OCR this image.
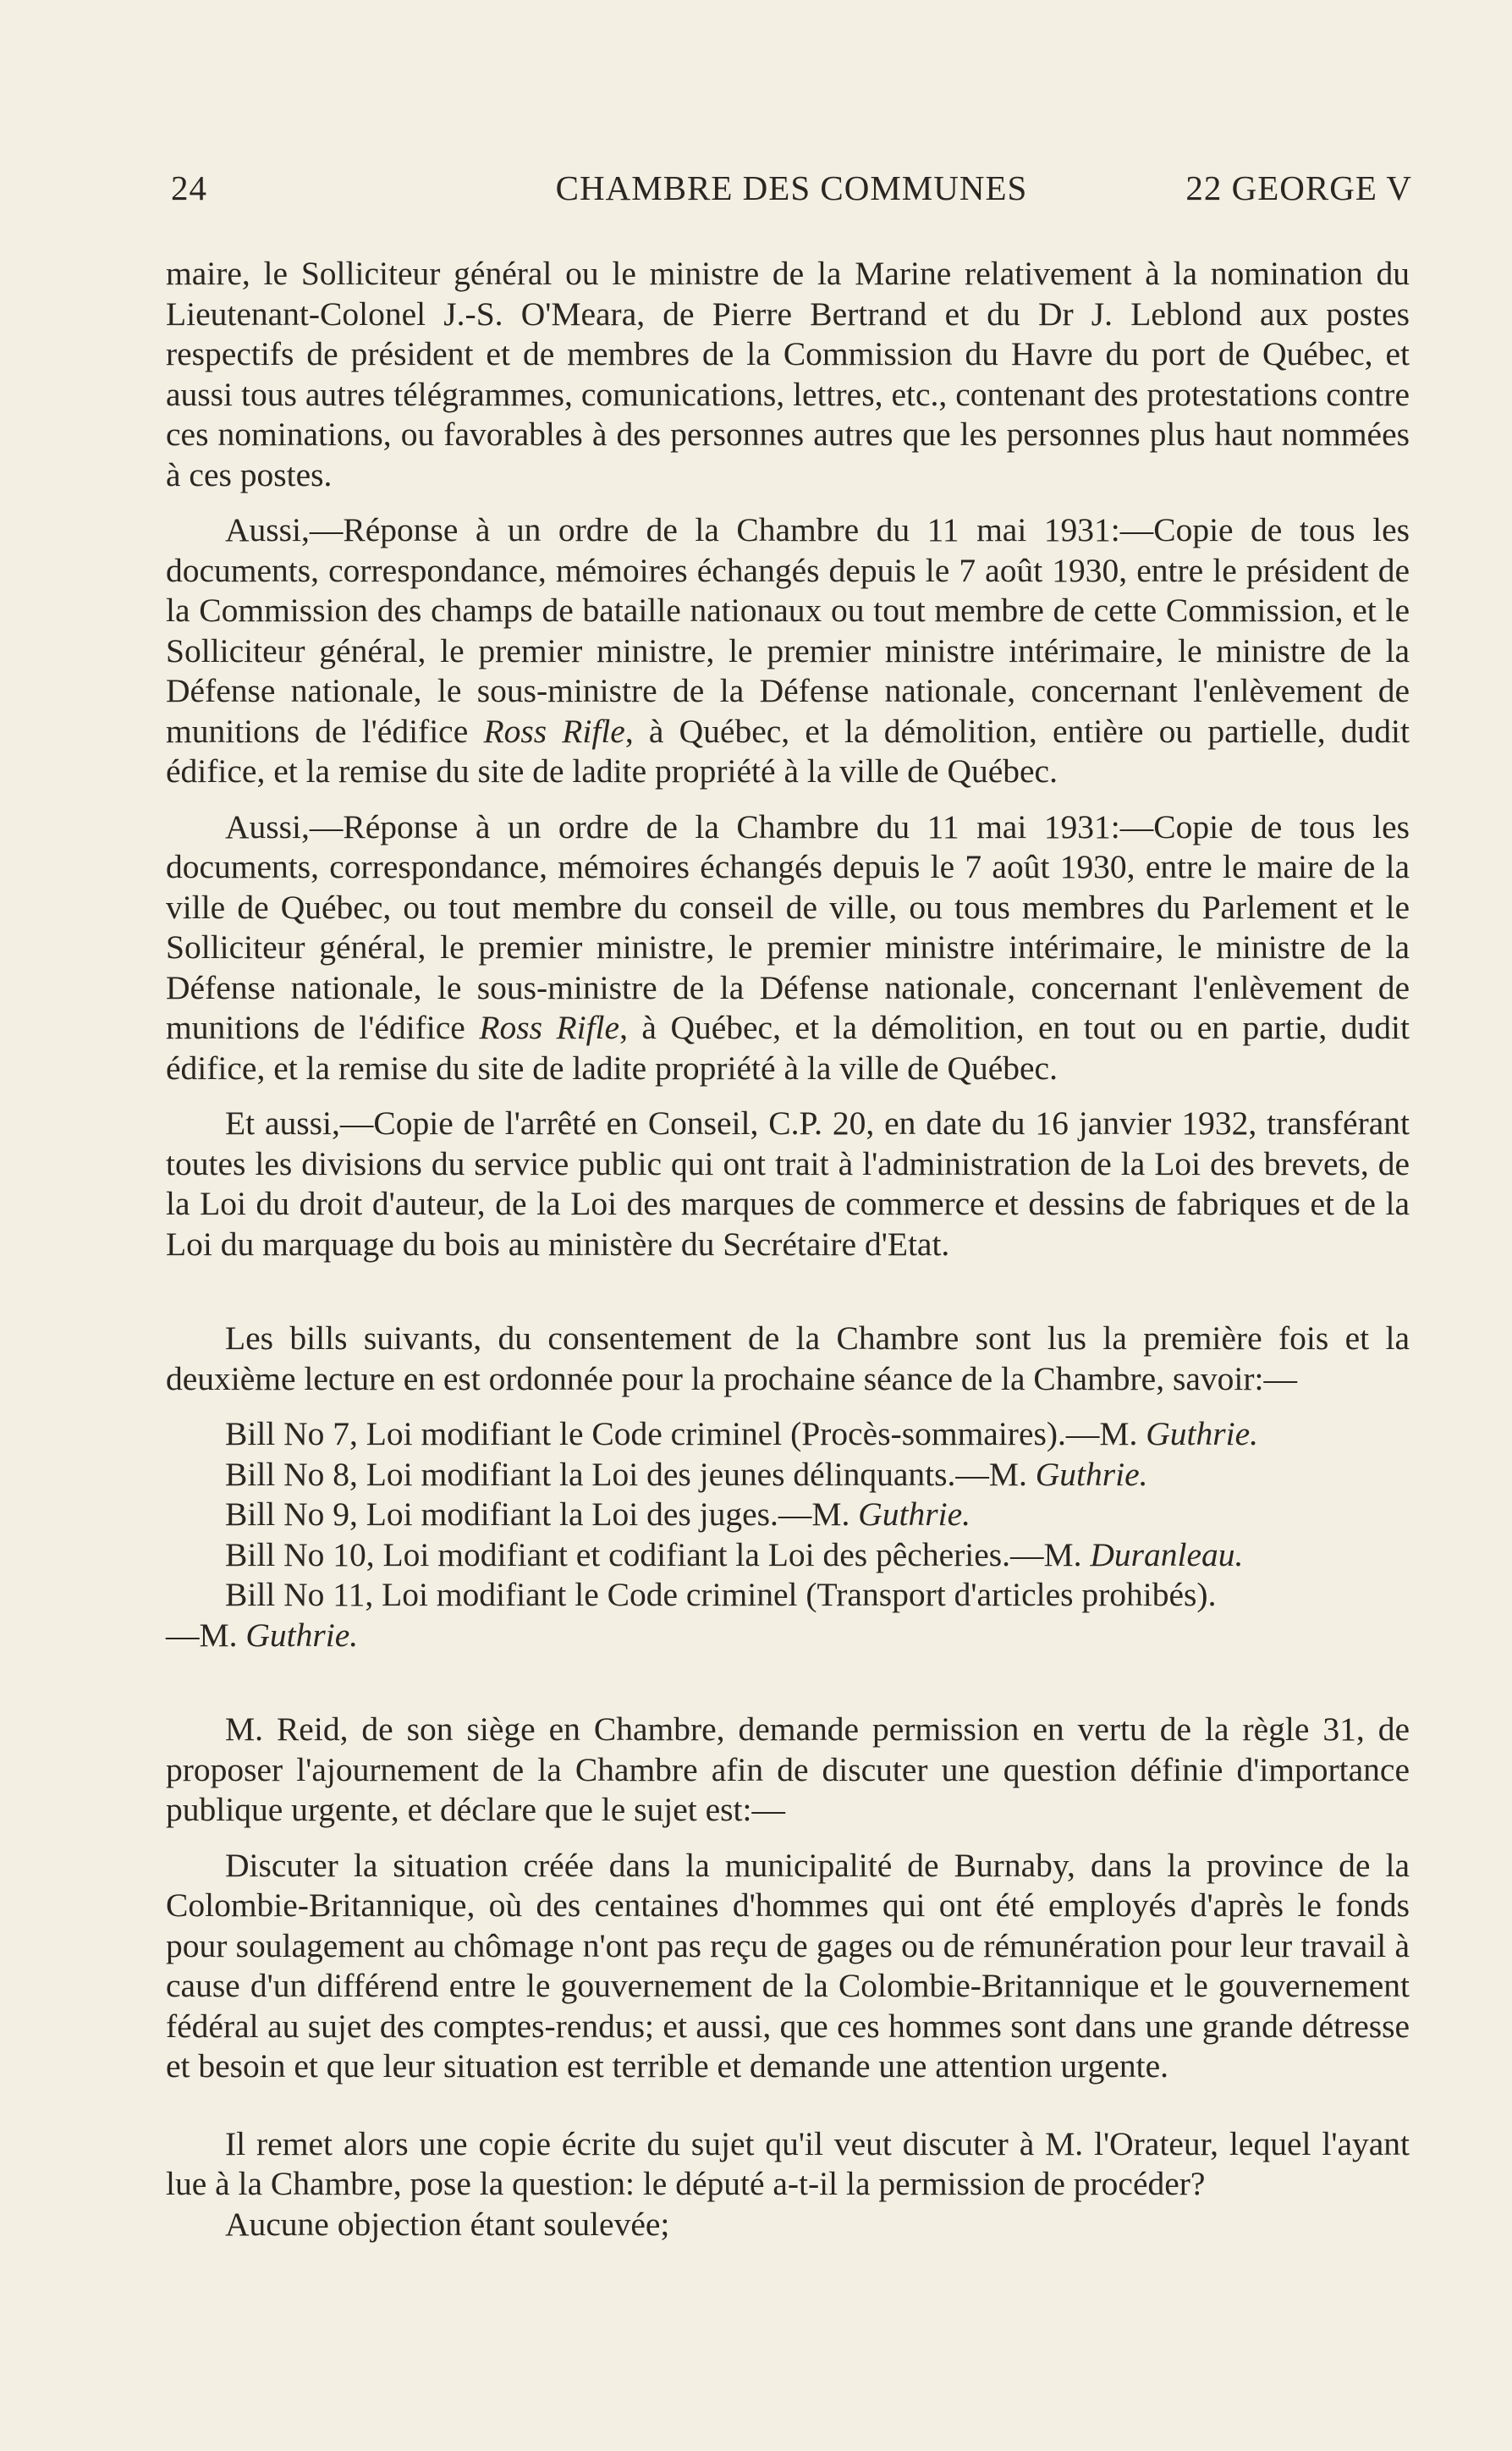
24	CHAMBRE DES COMMUNES	22 GEORGE V

maire, le Solliciteur général ou le ministre de la Marine relativement à la nomination du Lieutenant-Colonel J.-S. O'Meara, de Pierre Bertrand et du Dr J. Leblond aux postes respectifs de président et de membres de la Commission du Havre du port de Québec, et aussi tous autres télégrammes, comunications, lettres, etc., contenant des protestations contre ces nominations, ou favorables à des personnes autres que les personnes plus haut nommées à ces postes.

Aussi,—Réponse à un ordre de la Chambre du 11 mai 1931:—Copie de tous les documents, correspondance, mémoires échangés depuis le 7 août 1930, entre le président de la Commission des champs de bataille nationaux ou tout membre de cette Commission, et le Solliciteur général, le premier ministre, le premier ministre intérimaire, le ministre de la Défense nationale, le sous-ministre de la Défense nationale, concernant l'enlèvement de munitions de l'édifice Ross Rifle, à Québec, et la démolition, entière ou partielle, dudit édifice, et la remise du site de ladite propriété à la ville de Québec.

Aussi,—Réponse à un ordre de la Chambre du 11 mai 1931:—Copie de tous les documents, correspondance, mémoires échangés depuis le 7 août 1930, entre le maire de la ville de Québec, ou tout membre du conseil de ville, ou tous membres du Parlement et le Solliciteur général, le premier ministre, le premier ministre intérimaire, le ministre de la Défense nationale, le sous-ministre de la Défense nationale, concernant l'enlèvement de munitions de l'édifice Ross Rifle, à Québec, et la démolition, en tout ou en partie, dudit édifice, et la remise du site de ladite propriété à la ville de Québec.

Et aussi,—Copie de l'arrêté en Conseil, C.P. 20, en date du 16 janvier 1932, transférant toutes les divisions du service public qui ont trait à l'administration de la Loi des brevets, de la Loi du droit d'auteur, de la Loi des marques de commerce et dessins de fabriques et de la Loi du marquage du bois au ministère du Secrétaire d'Etat.

Les bills suivants, du consentement de la Chambre sont lus la première fois et la deuxième lecture en est ordonnée pour la prochaine séance de la Chambre, savoir:—

Bill No 7, Loi modifiant le Code criminel (Procès-sommaires).—M. Guthrie.

Bill No 8, Loi modifiant la Loi des jeunes délinquants.—M. Guthrie.

Bill No 9, Loi modifiant la Loi des juges.—M. Guthrie.

Bill No 10, Loi modifiant et codifiant la Loi des pêcheries.—M. Duranleau.

Bill No 11, Loi modifiant le Code criminel (Transport d'articles prohibés).
—M. Guthrie.

M. Reid, de son siège en Chambre, demande permission en vertu de la règle 31, de proposer l'ajournement de la Chambre afin de discuter une question définie d'importance publique urgente, et déclare que le sujet est:—

Discuter la situation créée dans la municipalité de Burnaby, dans la province de la Colombie-Britannique, où des centaines d'hommes qui ont été employés d'après le fonds pour soulagement au chômage n'ont pas reçu de gages ou de rémunération pour leur travail à cause d'un différend entre le gouvernement de la Colombie-Britannique et le gouvernement fédéral au sujet des comptes-rendus; et aussi, que ces hommes sont dans une grande détresse et besoin et que leur situation est terrible et demande une attention urgente.

Il remet alors une copie écrite du sujet qu'il veut discuter à M. l'Orateur, lequel l'ayant lue à la Chambre, pose la question: le député a-t-il la permission de procéder?

Aucune objection étant soulevée;
